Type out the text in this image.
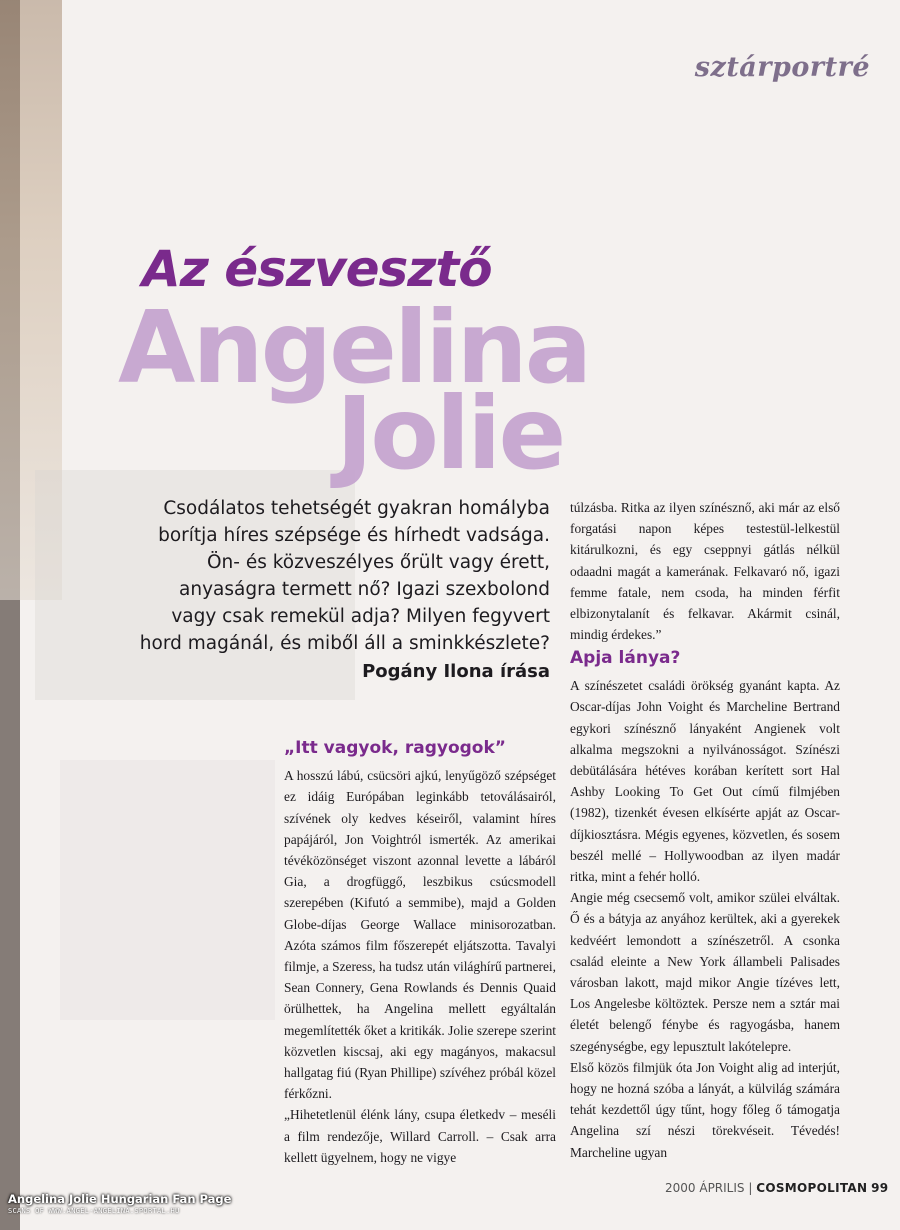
sztárportré
Az észvesztő
Angelina
Jolie
Csodálatos tehetségét gyakran homályba borítja híres szépsége és hírhedt vadsága. Ön- és közveszélyes őrült vagy érett, anyaságra termett nő? Igazi szexbolond vagy csak remekül adja? Milyen fegyvert hord magánál, és miből áll a sminkkészlete?
Pogány Ilona írása

túlzásba. Ritka az ilyen színésznő, aki már az első forgatási napon képes testestül-lelkestül kitárulkozni, és egy cseppnyi gátlás nélkül odaadni magát a kamerának. Felkavaró nő, igazi femme fatale, nem csoda, ha minden férfit elbizonytalanít és felkavar. Akármit csinál, mindig érdekes.”

„Itt vagyok, ragyogok”

A hosszú lábú, csücsöri ajkú, lenyűgöző szépséget ez idáig Európában leginkább tetoválásairól, szívének oly kedves késeiről, valamint híres papájáról, Jon Voightról ismerték. Az amerikai tévéközönséget viszont azonnal levette a lábáról Gia, a drogfüggő, leszbikus csúcsmodell szerepében (Kifutó a semmibe), majd a Golden Globe-díjas George Wallace minisorozatban. Azóta számos film főszerepét eljátszotta. Tavalyi filmje, a Szeress, ha tudsz után világhírű partnerei, Sean Connery, Gena Rowlands és Dennis Quaid örülhettek, ha Angelina mellett egyáltalán megemlítették őket a kritikák. Jolie szerepe szerint közvetlen kiscsaj, aki egy magányos, makacsul hallgatag fiú (Ryan Phillipe) szívéhez próbál közel férkőzni.

„Hihetetlenül élénk lány, csupa életkedv – meséli a film rendezője, Willard Carroll. – Csak arra kellett ügyelnem, hogy ne vigye

Apja lánya?

A színészetet családi örökség gyanánt kapta. Az Oscar-díjas John Voight és Marcheline Bertrand egykori színésznő lányaként Angienek volt alkalma megszokni a nyilvánosságot. Színészi debütálására hétéves korában kerített sort Hal Ashby Looking To Get Out című filmjében (1982), tizenkét évesen elkísérte apját az Oscar-díjkiosztásra. Mégis egyenes, közvetlen, és sosem beszél mellé – Hollywoodban az ilyen madár ritka, mint a fehér holló.

Angie még csecsemő volt, amikor szülei elváltak. Ő és a bátyja az anyához kerültek, aki a gyerekek kedvéért lemondott a színészetről. A csonka család eleinte a New York állambeli Palisades városban lakott, majd mikor Angie tízéves lett, Los Angelesbe költöztek. Persze nem a sztár mai életét belengő fénybe és ragyogásba, hanem szegénységbe, egy lepusztult lakótelepre.

Első közös filmjük óta Jon Voight alig ad interjút, hogy ne hozná szóba a lányát, a külvilág számára tehát kezdettől úgy tűnt, hogy főleg ő támogatja Angelina szí nészi törekvéseit. Tévedés! Marcheline ugyan

2000 ÁPRILIS | COSMOPOLITAN 99
Angelina Jolie Hungarian Fan Page
SCANS OF WWW.ANGEL-ANGELINA.SPORTAL.HU
